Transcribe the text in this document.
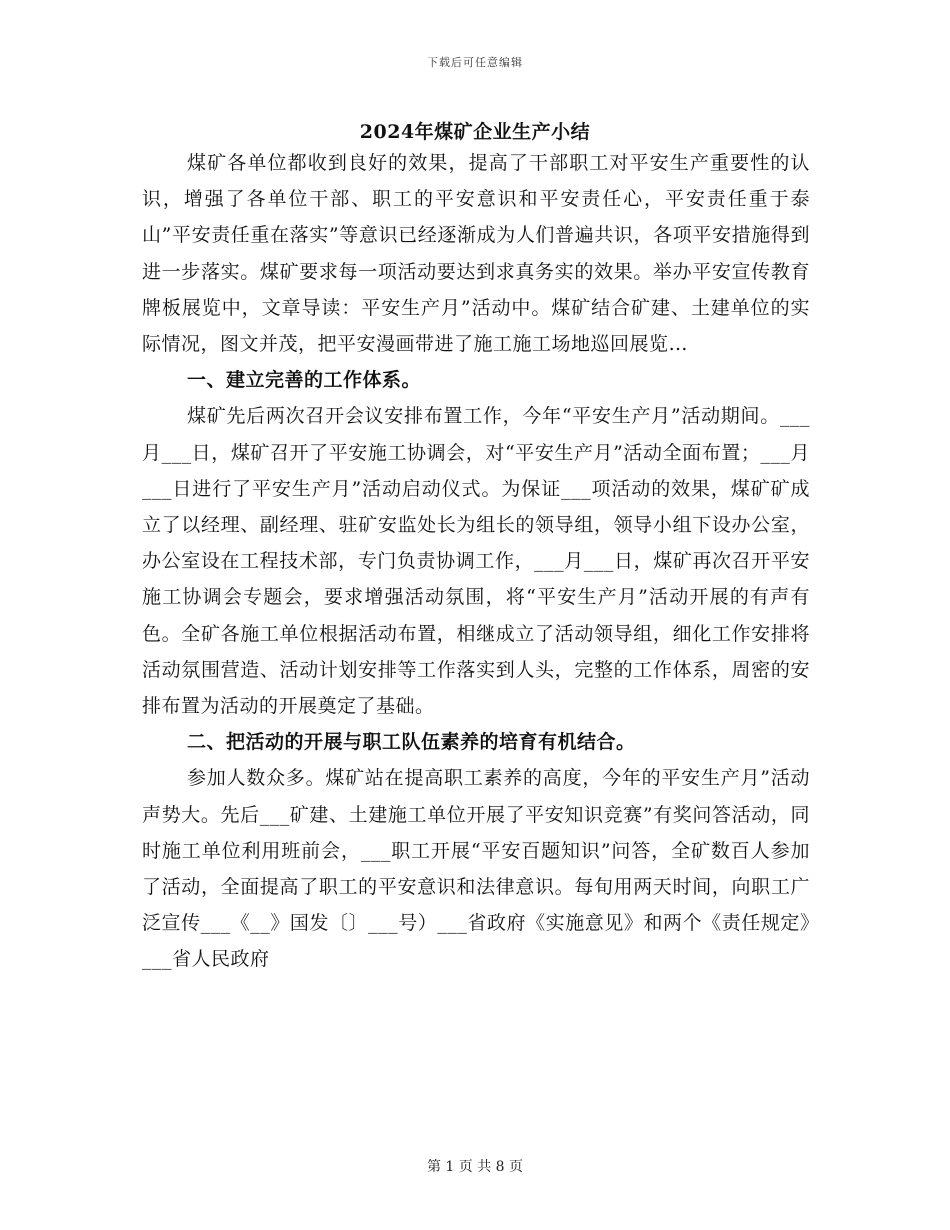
下载后可任意编辑
2024年煤矿企业生产小结

煤矿各单位都收到良好的效果，提高了干部职工对平安生产重要性的认识，增强了各单位干部、职工的平安意识和平安责任心，平安责任重于泰山”平安责任重在落实”等意识已经逐渐成为人们普遍共识，各项平安措施得到进一步落实。煤矿要求每一项活动要达到求真务实的效果。举办平安宣传教育牌板展览中，文章导读：平安生产月”活动中。煤矿结合矿建、土建单位的实际情况，图文并茂，把平安漫画带进了施工施工场地巡回展览…

一、建立完善的工作体系。

煤矿先后两次召开会议安排布置工作，今年“平安生产月”活动期间。___月___日，煤矿召开了平安施工协调会，对“平安生产月”活动全面布置；___月___日进行了平安生产月”活动启动仪式。为保证___项活动的效果，煤矿矿成立了以经理、副经理、驻矿安监处长为组长的领导组，领导小组下设办公室，办公室设在工程技术部，专门负责协调工作，___月___日，煤矿再次召开平安施工协调会专题会，要求增强活动氛围，将“平安生产月”活动开展的有声有色。全矿各施工单位根据活动布置，相继成立了活动领导组，细化工作安排将活动氛围营造、活动计划安排等工作落实到人头，完整的工作体系，周密的安排布置为活动的开展奠定了基础。

二、把活动的开展与职工队伍素养的培育有机结合。

参加人数众多。煤矿站在提高职工素养的高度，今年的平安生产月”活动声势大。先后___矿建、土建施工单位开展了平安知识竞赛”有奖问答活动，同时施工单位利用班前会，___职工开展“平安百题知识”问答，全矿数百人参加了活动，全面提高了职工的平安意识和法律意识。每旬用两天时间，向职工广泛宣传___《__》国发〔〕___号）___省政府《实施意见》和两个《责任规定》___省人民政府

第 1 页 共 8 页
